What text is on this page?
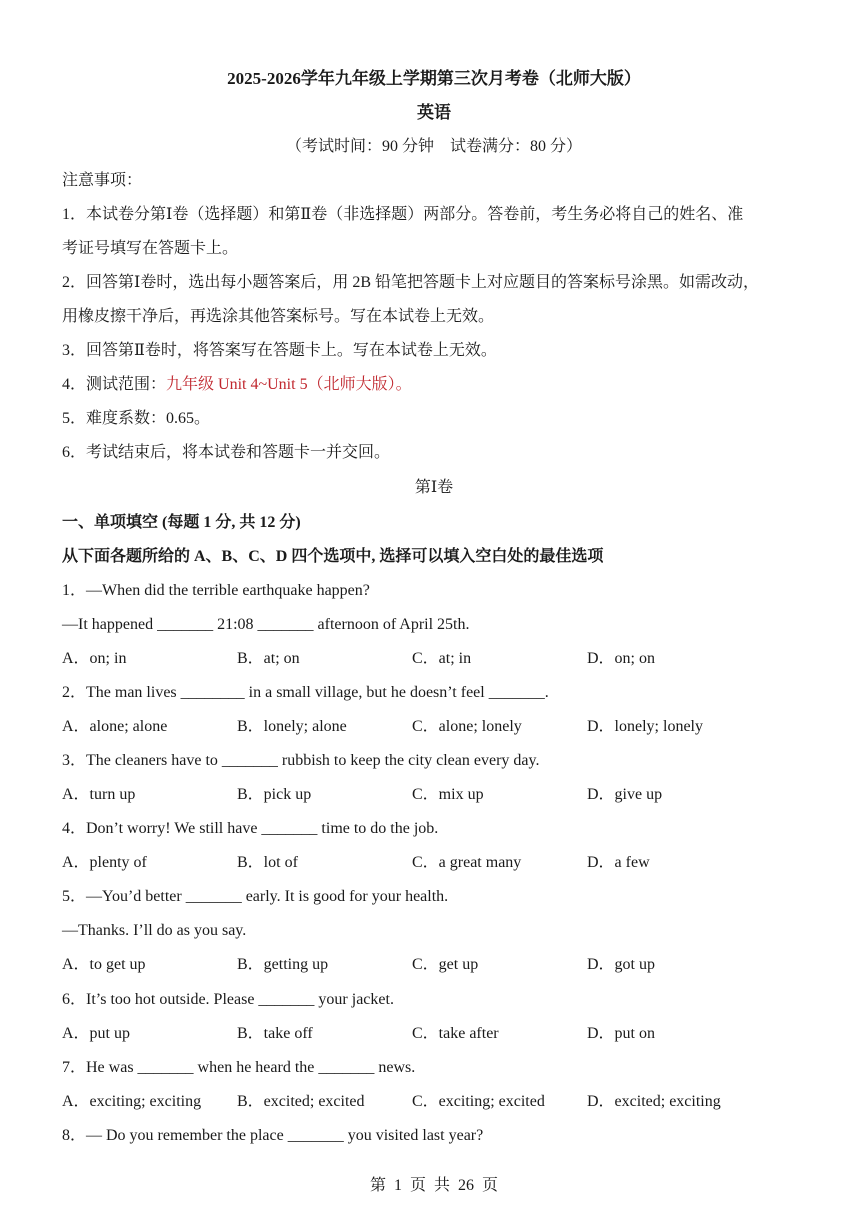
2025-2026学年九年级上学期第三次月考卷（北师大版）
英语
（考试时间：90 分钟　试卷满分：80 分）
注意事项：
1．本试卷分第Ⅰ卷（选择题）和第Ⅱ卷（非选择题）两部分。答卷前，考生务必将自己的姓名、准
考证号填写在答题卡上。
2．回答第Ⅰ卷时，选出每小题答案后，用 2B 铅笔把答题卡上对应题目的答案标号涂黑。如需改动，
用橡皮擦干净后，再选涂其他答案标号。写在本试卷上无效。
3．回答第Ⅱ卷时，将答案写在答题卡上。写在本试卷上无效。
4．测试范围：九年级 Unit 4~Unit 5（北师大版）。
5．难度系数：0.65。
6．考试结束后，将本试卷和答题卡一并交回。
第Ⅰ卷
一、单项填空 (每题 1 分, 共 12 分)
从下面各题所给的 A、B、C、D 四个选项中, 选择可以填入空白处的最佳选项
1．—When did the terrible earthquake happen?
—It happened _______ 21:08 _______ afternoon of April 25th.
A．on; in	B．at; on	C．at; in	D．on; on
2．The man lives ________ in a small village, but he doesn’t feel _______.
A．alone; alone	B．lonely; alone	C．alone; lonely	D．lonely; lonely
3．The cleaners have to _______ rubbish to keep the city clean every day.
A．turn up	B．pick up	C．mix up	D．give up
4．Don’t worry! We still have _______ time to do the job.
A．plenty of	B．lot of	C．a great many	D．a few
5．—You’d better _______ early. It is good for your health.
—Thanks. I’ll do as you say.
A．to get up	B．getting up	C．get up	D．got up
6．It’s too hot outside. Please _______ your jacket.
A．put up	B．take off	C．take after	D．put on
7．He was _______ when he heard the _______ news.
A．exciting; exciting B．excited; excited	C．exciting; excited	D．excited; exciting
8．— Do you remember the place _______ you visited last year?
第 1 页 共 26 页
